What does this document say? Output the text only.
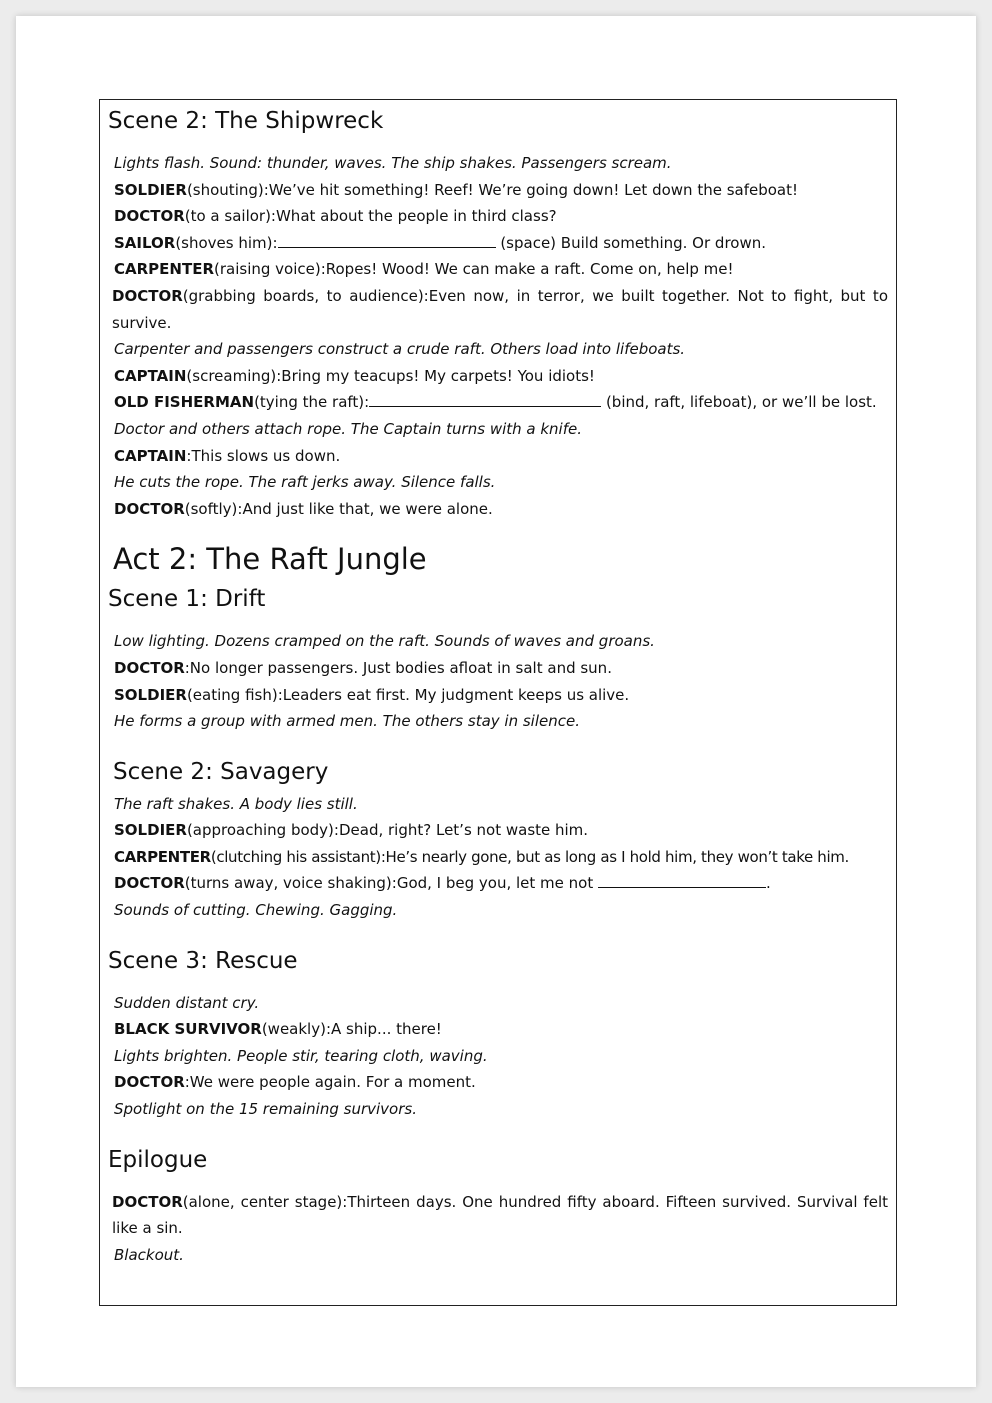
Scene 2: The Shipwreck
Lights flash. Sound: thunder, waves. The ship shakes. Passengers scream.
SOLDIER(shouting):We’ve hit something! Reef! We’re going down! Let down the safeboat!
DOCTOR(to a sailor):What about the people in third class?
SAILOR(shoves him):	(space) Build something. Or drown.
CARPENTER(raising voice):Ropes! Wood! We can make a raft. Come on, help me!
DOCTOR(grabbing boards, to audience):Even now, in terror, we built together. Not to fight, but to survive.
Carpenter and passengers construct a crude raft. Others load into lifeboats.
CAPTAIN(screaming):Bring my teacups! My carpets! You idiots!
OLD FISHERMAN(tying the raft):	(bind, raft, lifeboat), or we’ll be lost.
Doctor and others attach rope. The Captain turns with a knife.
CAPTAIN:This slows us down.
He cuts the rope. The raft jerks away. Silence falls.
DOCTOR(softly):And just like that, we were alone.
Act 2: The Raft Jungle
Scene 1: Drift
Low lighting. Dozens cramped on the raft. Sounds of waves and groans.
DOCTOR:No longer passengers. Just bodies afloat in salt and sun.
SOLDIER(eating fish):Leaders eat first. My judgment keeps us alive.
He forms a group with armed men. The others stay in silence.
Scene 2: Savagery
The raft shakes. A body lies still.
SOLDIER(approaching body):Dead, right? Let’s not waste him.
CARPENTER(clutching his assistant):He’s nearly gone, but as long as I hold him, they won’t take him.
DOCTOR(turns away, voice shaking):God, I beg you, let me not	.
Sounds of cutting. Chewing. Gagging.
Scene 3: Rescue
Sudden distant cry.
BLACK SURVIVOR(weakly):A ship... there!
Lights brighten. People stir, tearing cloth, waving.
DOCTOR:We were people again. For a moment.
Spotlight on the 15 remaining survivors.
Epilogue
DOCTOR(alone, center stage):Thirteen days. One hundred fifty aboard. Fifteen survived. Survival felt like a sin.
Blackout.
